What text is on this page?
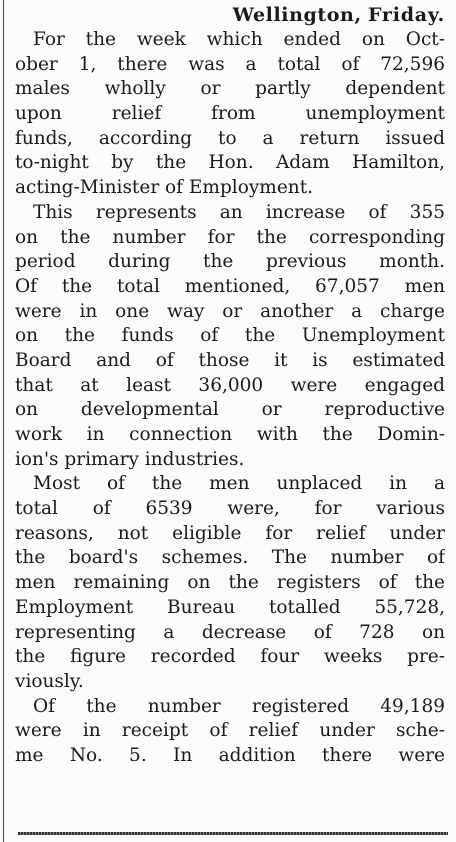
Wellington, Friday.
For the week which ended on Oct-
ober 1, there was a total of 72,596
males wholly or partly dependent
upon relief from unemployment
funds, according to a return issued
to-night by the Hon. Adam Hamilton,
acting-Minister of Employment.
This represents an increase of 355
on the number for the corresponding
period during the previous month.
Of the total mentioned, 67,057 men
were in one way or another a charge
on the funds of the Unemployment
Board and of those it is estimated
that at least 36,000 were engaged
on developmental or reproductive
work in connection with the Domin-
ion's primary industries.
Most of the men unplaced in a
total of 6539 were, for various
reasons, not eligible for relief under
the board's schemes. The number of
men remaining on the registers of the
Employment Bureau totalled 55,728,
representing a decrease of 728 on
the figure recorded four weeks pre-
viously.
Of the number registered 49,189
were in receipt of relief under sche-
me No. 5. In addition there were
